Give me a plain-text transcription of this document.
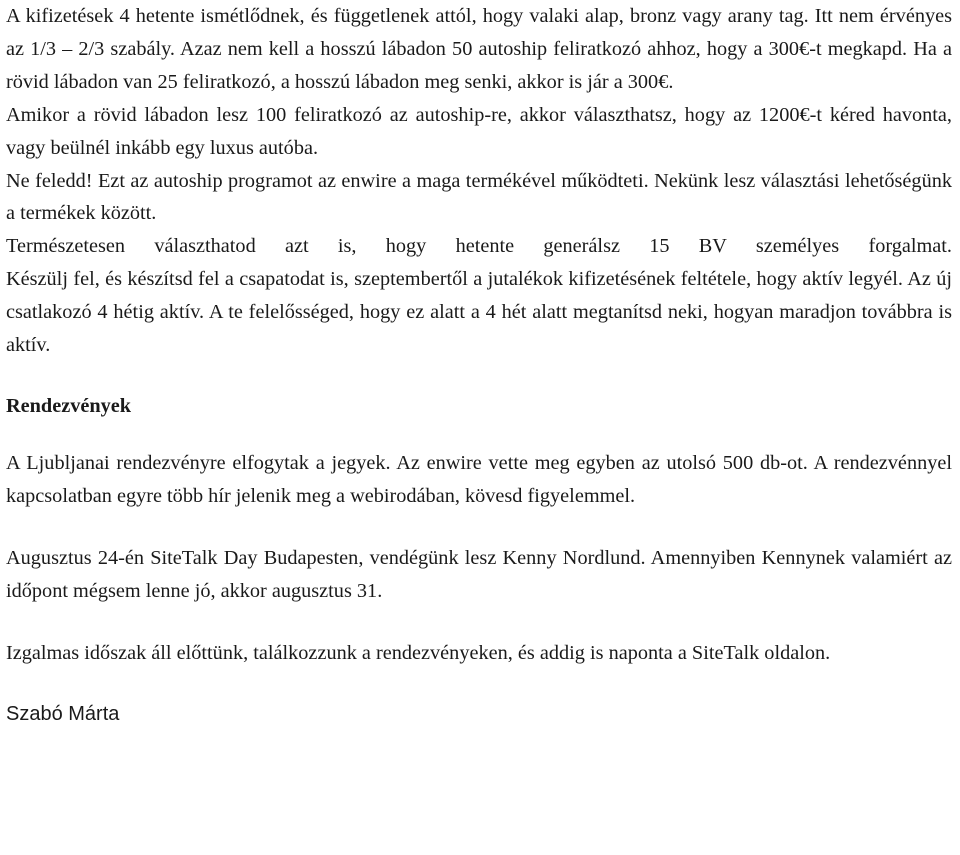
A kifizetések 4 hetente ismétlődnek, és függetlenek attól, hogy valaki alap, bronz vagy arany tag. Itt nem érvényes az 1/3 – 2/3 szabály. Azaz nem kell a hosszú lábadon 50 autoship feliratkozó ahhoz, hogy a 300€-t megkapd. Ha a rövid lábadon van 25 feliratkozó, a hosszú lábadon meg senki, akkor is jár a 300€.

Amikor a rövid lábadon lesz 100 feliratkozó az autoship-re, akkor választhatsz, hogy az 1200€-t kéred havonta, vagy beülnél inkább egy luxus autóba.

Ne feledd! Ezt az autoship programot az enwire a maga termékével működteti. Nekünk lesz választási lehetőségünk a termékek között.

Természetesen választhatod azt is, hogy hetente generálsz 15 BV személyes forgalmat.

Készülj fel, és készítsd fel a csapatodat is, szeptembertől a jutalékok kifizetésének feltétele, hogy aktív legyél. Az új csatlakozó 4 hétig aktív. A te felelősséged, hogy ez alatt a 4 hét alatt megtanítsd neki, hogyan maradjon továbbra is aktív.

Rendezvények

A Ljubljanai rendezvényre elfogytak a jegyek. Az enwire vette meg egyben az utolsó 500 db-ot. A rendezvénnyel kapcsolatban egyre több hír jelenik meg a webirodában, kövesd figyelemmel.

Augusztus 24-én SiteTalk Day Budapesten, vendégünk lesz Kenny Nordlund. Amennyiben Kennynek valamiért az időpont mégsem lenne jó, akkor augusztus 31.

Izgalmas időszak áll előttünk, találkozzunk a rendezvényeken, és addig is naponta a SiteTalk oldalon.

Szabó Márta
